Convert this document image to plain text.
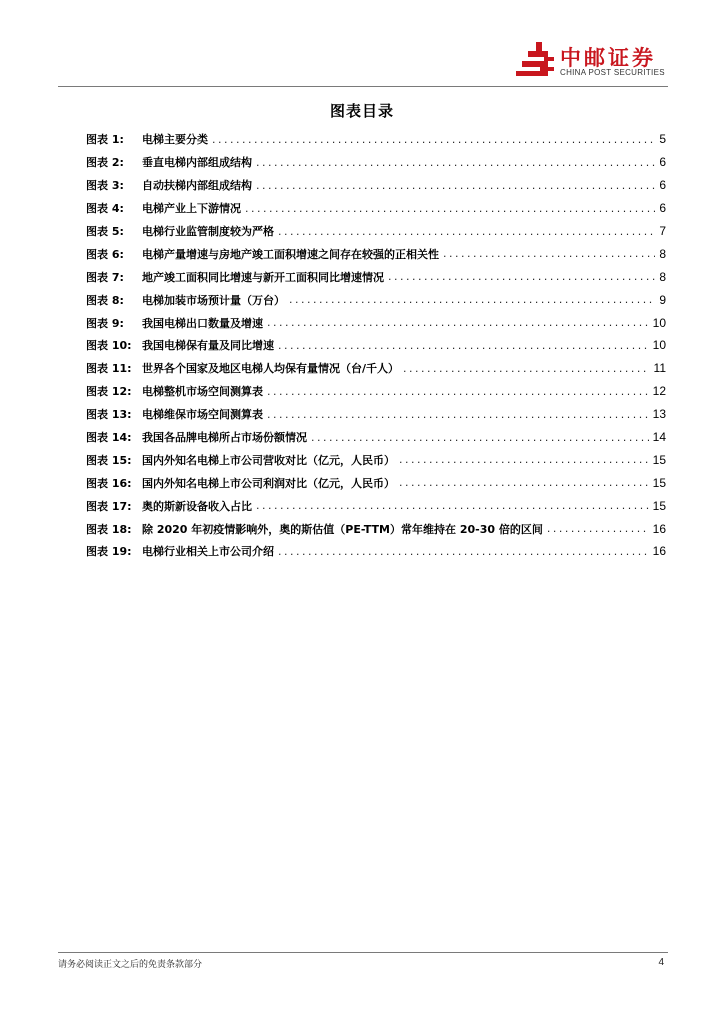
中邮证券
CHINA POST SECURITIES
图表目录
图表 1:	电梯主要分类 .....	5
图表 2:	垂直电梯内部组成结构 .....	6
图表 3:	自动扶梯内部组成结构 .....	6
图表 4:	电梯产业上下游情况 .....	6
图表 5:	电梯行业监管制度较为严格 .....	7
图表 6:	电梯产量增速与房地产竣工面积增速之间存在较强的正相关性 .....	8
图表 7:	地产竣工面积同比增速与新开工面积同比增速情况 .....	8
图表 8:	电梯加装市场预计量（万台） .....	9
图表 9:	我国电梯出口数量及增速 .....	10
图表 10: 我国电梯保有量及同比增速 .....	10
图表 11: 世界各个国家及地区电梯人均保有量情况（台/千人） .....	11
图表 12: 电梯整机市场空间测算表 .....	12
图表 13: 电梯维保市场空间测算表 .....	13
图表 14: 我国各品牌电梯所占市场份额情况 .....	14
图表 15: 国内外知名电梯上市公司营收对比（亿元，人民币） .....	15
图表 16: 国内外知名电梯上市公司利润对比（亿元，人民币） .....	15
图表 17: 奥的斯新设备收入占比 .....	15
图表 18: 除 2020 年初疫情影响外，奥的斯估值（PE-TTM）常年维持在 20-30 倍的区间 .....	16
图表 19: 电梯行业相关上市公司介绍 .....	16
请务必阅读正文之后的免责条款部分	4
